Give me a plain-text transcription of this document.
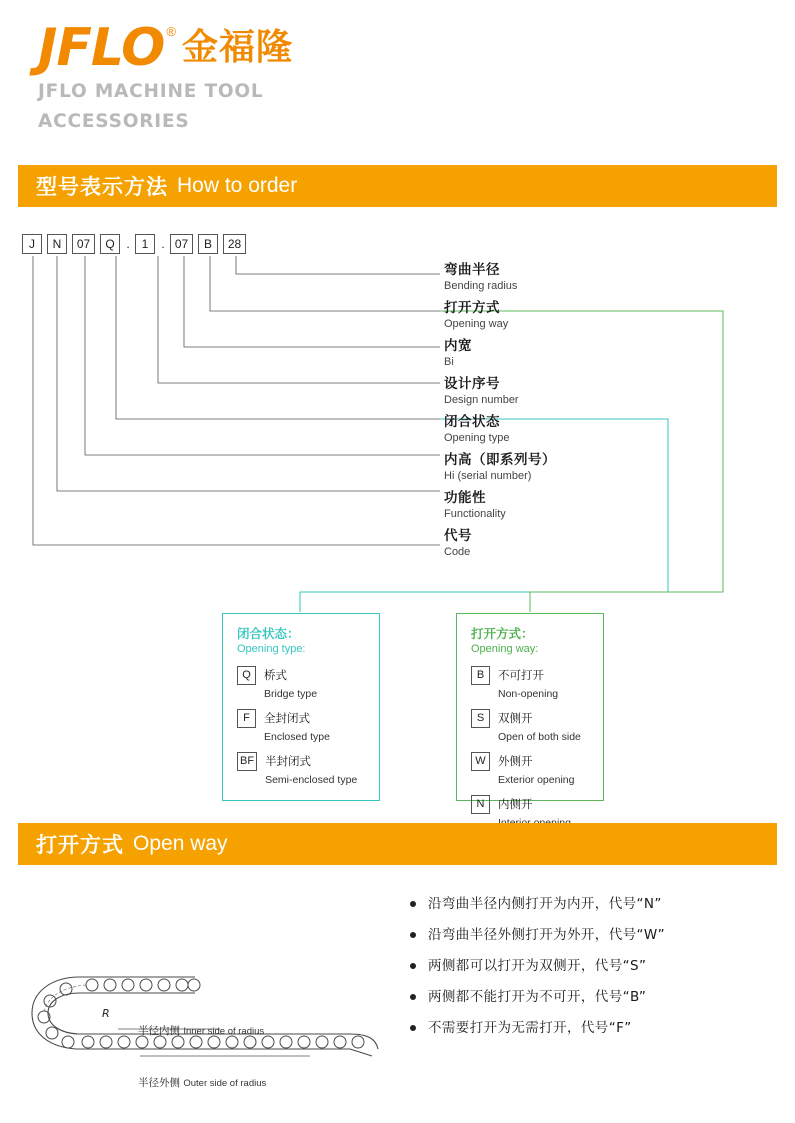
JFLO ® 金福隆
JFLO MACHINE TOOL
ACCESSORIES
型号表示方法 How to order
J	N	07	Q . 1	. 07	B	28
弯曲半径
Bending radius
打开方式
Opening way
内宽
Bi
设计序号
Design number
闭合状态
Opening type
内高（即系列号）
Hi (serial number)
功能性
Functionality
代号
Code
闭合状态：
Opening type:
Q	桥式
Bridge type
F	全封闭式
Enclosed type
BF 半封闭式
Semi-enclosed type
打开方式：
Opening way:
B	不可打开
Non-opening
S	双侧开
Open of both side
W	外侧开
Exterior opening
N	内侧开

打开方式 Open way
沿弯曲半径内侧打开为内开，代号“N”
沿弯曲半径外侧打开为外开，代号“W”
两侧都可以打开为双侧开，代号“S”
两侧都不能打开为不可开，代号“B”
不需要打开为无需打开，代号“F”
R
半径内侧 Inner side of radius
半径外侧 Outer side of radius
